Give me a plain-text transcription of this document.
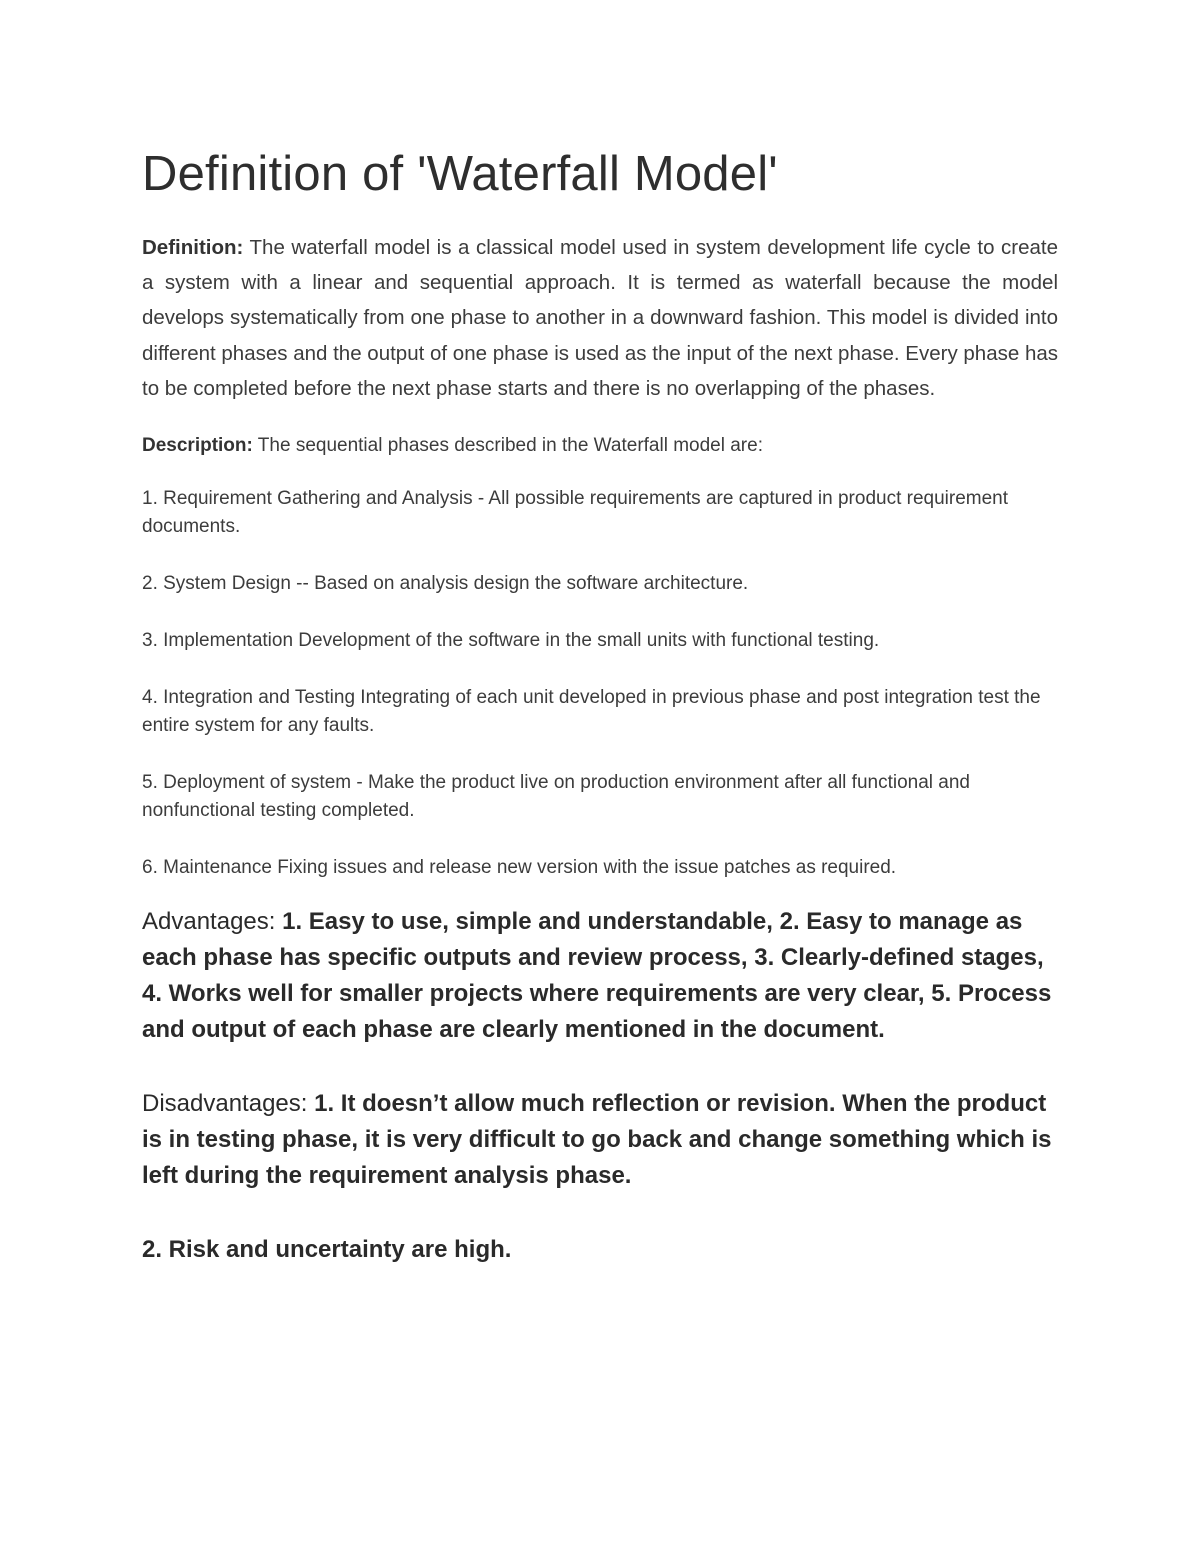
Definition of 'Waterfall Model'

Definition: The waterfall model is a classical model used in system development life cycle to create a system with a linear and sequential approach. It is termed as waterfall because the model develops systematically from one phase to another in a downward fashion. This model is divided into different phases and the output of one phase is used as the input of the next phase. Every phase has to be completed before the next phase starts and there is no overlapping of the phases.

Description: The sequential phases described in the Waterfall model are:

1. Requirement Gathering and Analysis - All possible requirements are captured in product requirement documents.
2. System Design -- Based on analysis design the software architecture.
3. Implementation Development of the software in the small units with functional testing.
4. Integration and Testing Integrating of each unit developed in previous phase and post integration test the entire system for any faults.
5. Deployment of system - Make the product live on production environment after all functional and nonfunctional testing completed.
6. Maintenance Fixing issues and release new version with the issue patches as required.

Advantages: 1. Easy to use, simple and understandable, 2. Easy to manage as each phase has specific outputs and review process, 3. Clearly-defined stages, 4. Works well for smaller projects where requirements are very clear, 5. Process and output of each phase are clearly mentioned in the document.

Disadvantages: 1. It doesn’t allow much reflection or revision. When the product is in testing phase, it is very difficult to go back and change something which is left during the requirement analysis phase.

2. Risk and uncertainty are high.
